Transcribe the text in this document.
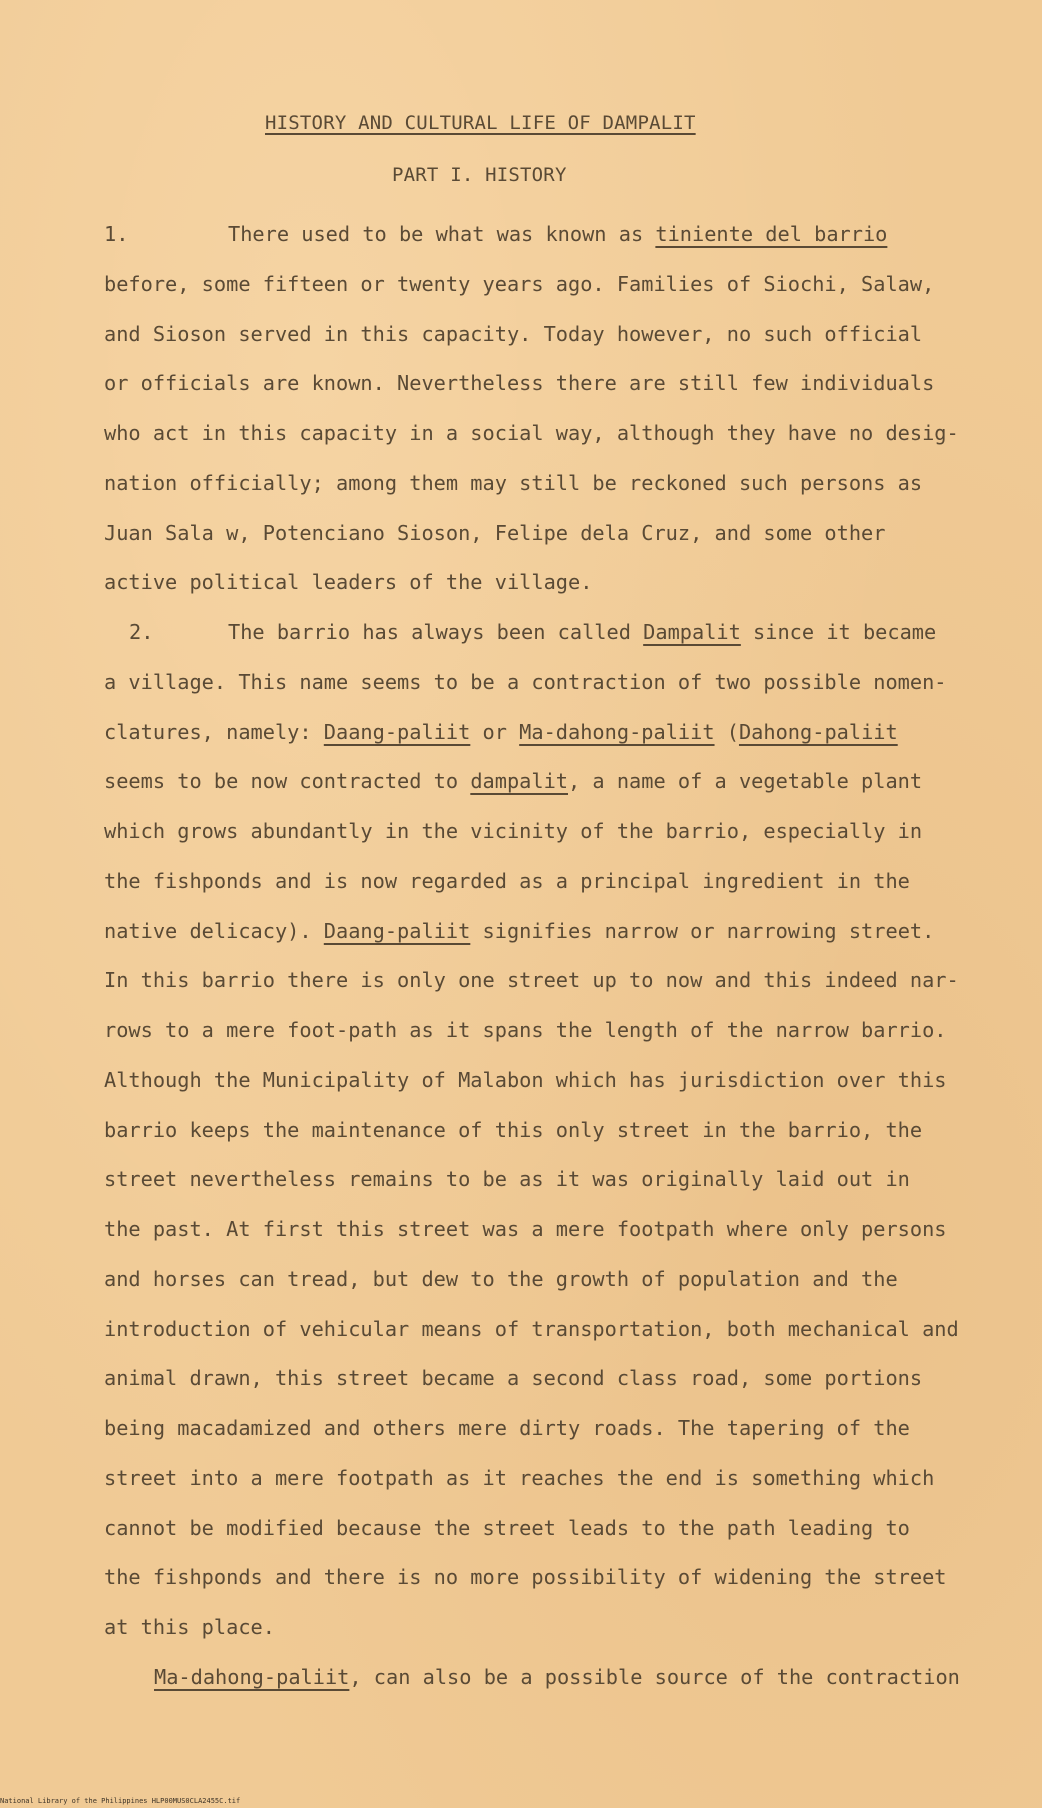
HISTORY AND CULTURAL LIFE OF DAMPALIT
PART I. HISTORY
1.	There used to be what was known as tiniente del barrio
before, some fifteen or twenty years ago. Families of Siochi, Salaw,
and Sioson served in this capacity. Today however, no such official
or officials are known. Nevertheless there are still few individuals
who act in this capacity in a social way, although they have no desig-
nation officially; among them may still be reckoned such persons as
Juan Sala w, Potenciano Sioson, Felipe dela Cruz, and some other
active political leaders of the village.
2.	The barrio has always been called Dampalit since it became
a village. This name seems to be a contraction of two possible nomen-
clatures, namely: Daang-paliit or Ma-dahong-paliit (Dahong-paliit
seems to be now contracted to dampalit, a name of a vegetable plant
which grows abundantly in the vicinity of the barrio, especially in
the fishponds and is now regarded as a principal ingredient in the
native delicacy). Daang-paliit signifies narrow or narrowing street.
In this barrio there is only one street up to now and this indeed nar-
rows to a mere foot-path as it spans the length of the narrow barrio.
Although the Municipality of Malabon which has jurisdiction over this
barrio keeps the maintenance of this only street in the barrio, the
street nevertheless remains to be as it was originally laid out in
the past. At first this street was a mere footpath where only persons
and horses can tread, but dew to the growth of population and the
introduction of vehicular means of transportation, both mechanical and
animal drawn, this street became a second class road, some portions
being macadamized and others mere dirty roads. The tapering of the
street into a mere footpath as it reaches the end is something which
cannot be modified because the street leads to the path leading to
the fishponds and there is no more possibility of widening the street
at this place.
Ma-dahong-paliit, can also be a possible source of the contraction
National Library of the Philippines HLP00MUS0CLA2455C.tif
